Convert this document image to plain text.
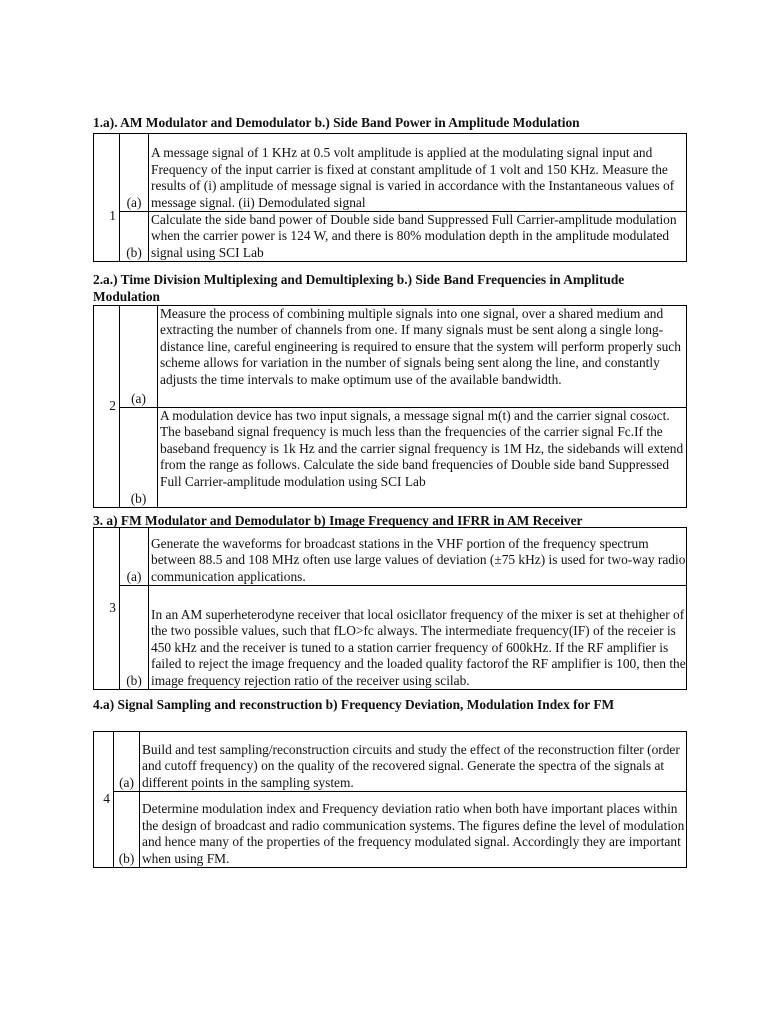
1.a). AM Modulator and Demodulator b.) Side Band Power in Amplitude Modulation
1	(a)	A message signal of 1 KHz at 0.5 volt amplitude is applied at the modulating signal input and Frequency of the input carrier is fixed at constant amplitude of 1 volt and 150 KHz. Measure the results of (i) amplitude of message signal is varied in accordance with the Instantaneous values of message signal. (ii) Demodulated signal
	(b)	Calculate the side band power of Double side band Suppressed Full Carrier-amplitude modulation when the carrier power is 124 W, and there is 80% modulation depth in the amplitude modulated signal using SCI Lab
2.a.) Time Division Multiplexing and Demultiplexing b.) Side Band Frequencies in Amplitude Modulation
2	(a)	Measure the process of combining multiple signals into one signal, over a shared medium and extracting the number of channels from one. If many signals must be sent along a single long-distance line, careful engineering is required to ensure that the system will perform properly such scheme allows for variation in the number of signals being sent along the line, and constantly adjusts the time intervals to make optimum use of the available bandwidth.
	(b)	A modulation device has two input signals, a message signal m(t) and the carrier signal cosωct. The baseband signal frequency is much less than the frequencies of the carrier signal Fc.If the baseband frequency is 1k Hz and the carrier signal frequency is 1M Hz, the sidebands will extend from the range as follows. Calculate the side band frequencies of Double side band Suppressed Full Carrier-amplitude modulation using SCI Lab
3. a) FM Modulator and Demodulator b) Image Frequency and IFRR in AM Receiver
3	(a)	Generate the waveforms for broadcast stations in the VHF portion of the frequency spectrum between 88.5 and 108 MHz often use large values of deviation (±75 kHz) is used for two-way radio communication applications.
	(b)	In an AM superheterodyne receiver that local osicllator frequency of the mixer is set at thehigher of the two possible values, such that fLO>fc always. The intermediate frequency(IF) of the receier is 450 kHz and the receiver is tuned to a station carrier frequency of 600kHz. If the RF amplifier is failed to reject the image frequency and the loaded quality factorof the RF amplifier is 100, then the image frequency rejection ratio of the receiver using scilab.
4.a) Signal Sampling and reconstruction b) Frequency Deviation, Modulation Index for FM
4	(a)	Build and test sampling/reconstruction circuits and study the effect of the reconstruction filter (order and cutoff frequency) on the quality of the recovered signal. Generate the spectra of the signals at different points in the sampling system.
	(b)	Determine modulation index and Frequency deviation ratio when both have important places within the design of broadcast and radio communication systems. The figures define the level of modulation and hence many of the properties of the frequency modulated signal. Accordingly they are important when using FM.
